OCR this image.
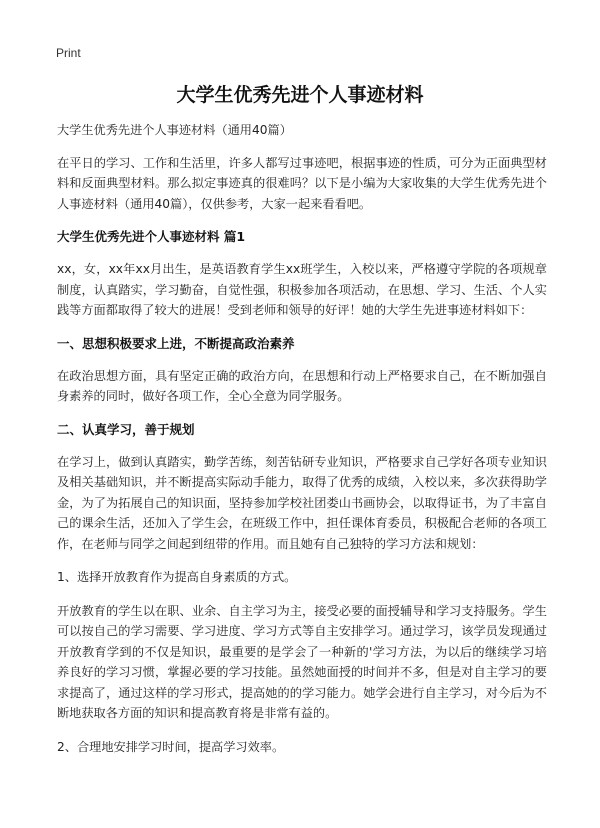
Print
大学生优秀先进个人事迹材料

大学生优秀先进个人事迹材料（通用40篇）

在平日的学习、工作和生活里，许多人都写过事迹吧，根据事迹的性质，可分为正面典型材料和反面典型材料。那么拟定事迹真的很难吗？以下是小编为大家收集的大学生优秀先进个人事迹材料（通用40篇），仅供参考，大家一起来看看吧。

大学生优秀先进个人事迹材料 篇1

xx，女，xx年xx月出生，是英语教育学生xx班学生，入校以来，严格遵守学院的各项规章制度，认真踏实，学习勤奋，自觉性强，积极参加各项活动，在思想、学习、生活、个人实践等方面都取得了较大的进展！受到老师和领导的好评！她的大学生先进事迹材料如下：

一、思想积极要求上进，不断提高政治素养

在政治思想方面，具有坚定正确的政治方向，在思想和行动上严格要求自己，在不断加强自身素养的同时，做好各项工作，全心全意为同学服务。

二、认真学习，善于规划

在学习上，做到认真踏实，勤学苦练，刻苦钻研专业知识，严格要求自己学好各项专业知识及相关基础知识，并不断提高实际动手能力，取得了优秀的成绩，入校以来，多次获得助学金，为了为拓展自己的知识面，坚持参加学校社团娄山书画协会，以取得证书，为了丰富自己的课余生活，还加入了学生会，在班级工作中，担任课体育委员，积极配合老师的各项工作，在老师与同学之间起到纽带的作用。而且她有自己独特的学习方法和规划：

1、选择开放教育作为提高自身素质的方式。

开放教育的学生以在职、业余、自主学习为主，接受必要的面授辅导和学习支持服务。学生可以按自己的学习需要、学习进度、学习方式等自主安排学习。通过学习，该学员发现通过开放教育学到的不仅是知识，最重要的是学会了一种新的'学习方法，为以后的继续学习培养良好的学习习惯，掌握必要的学习技能。虽然她面授的时间并不多，但是对自主学习的要求提高了，通过这样的学习形式，提高她的的学习能力。她学会进行自主学习，对今后为不断地获取各方面的知识和提高教育将是非常有益的。

2、合理地安排学习时间，提高学习效率。
